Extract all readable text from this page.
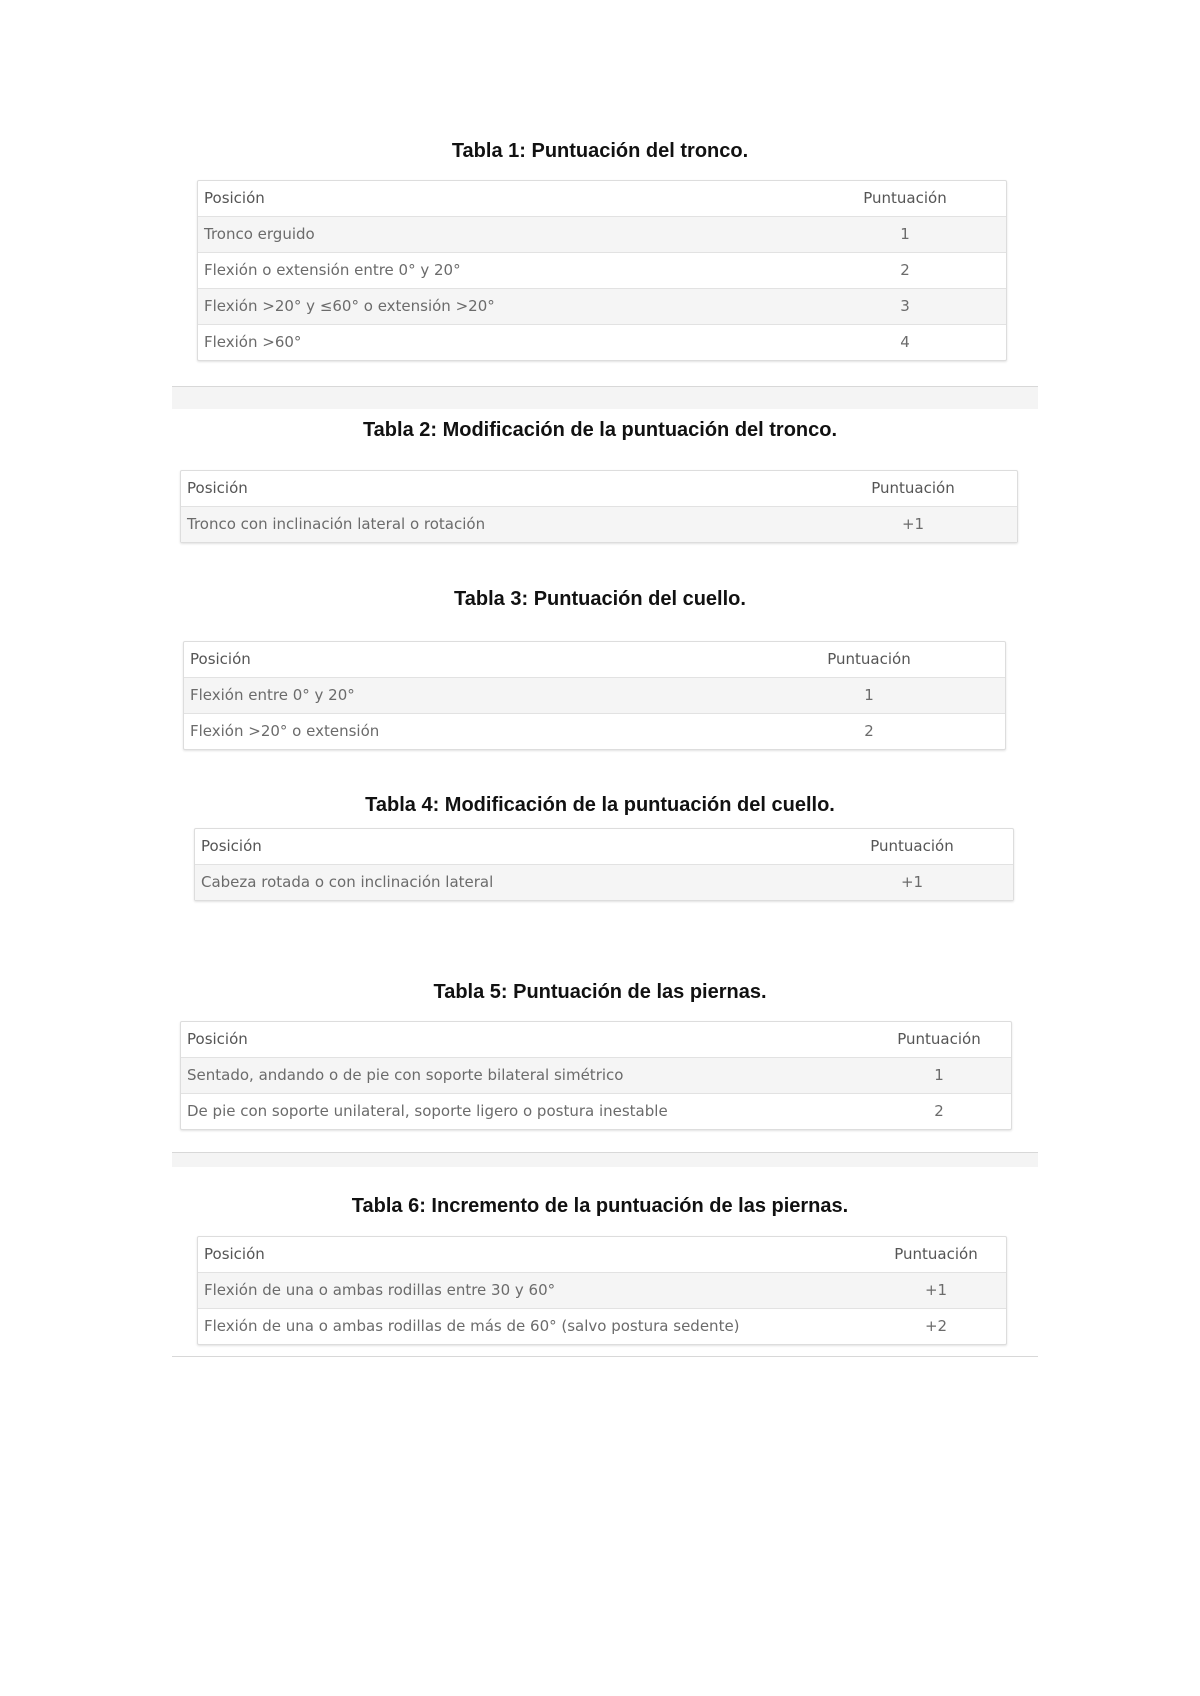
Tabla 1: Puntuación del tronco.
Posición	Puntuación
Tronco erguido	1
Flexión o extensión entre 0° y 20°	2
Flexión >20° y ≤60° o extensión >20°	3
Flexión >60°	4
Tabla 2: Modificación de la puntuación del tronco.
Posición	Puntuación
Tronco con inclinación lateral o rotación	+1
Tabla 3: Puntuación del cuello.
Posición	Puntuación
Flexión entre 0° y 20°	1
Flexión >20° o extensión	2
Tabla 4: Modificación de la puntuación del cuello.
Posición	Puntuación
Cabeza rotada o con inclinación lateral	+1
Tabla 5: Puntuación de las piernas.
Posición	Puntuación
Sentado, andando o de pie con soporte bilateral simétrico	1
De pie con soporte unilateral, soporte ligero o postura inestable	2
Tabla 6: Incremento de la puntuación de las piernas.
Posición	Puntuación
Flexión de una o ambas rodillas entre 30 y 60°	+1
Flexión de una o ambas rodillas de más de 60° (salvo postura sedente)	+2
